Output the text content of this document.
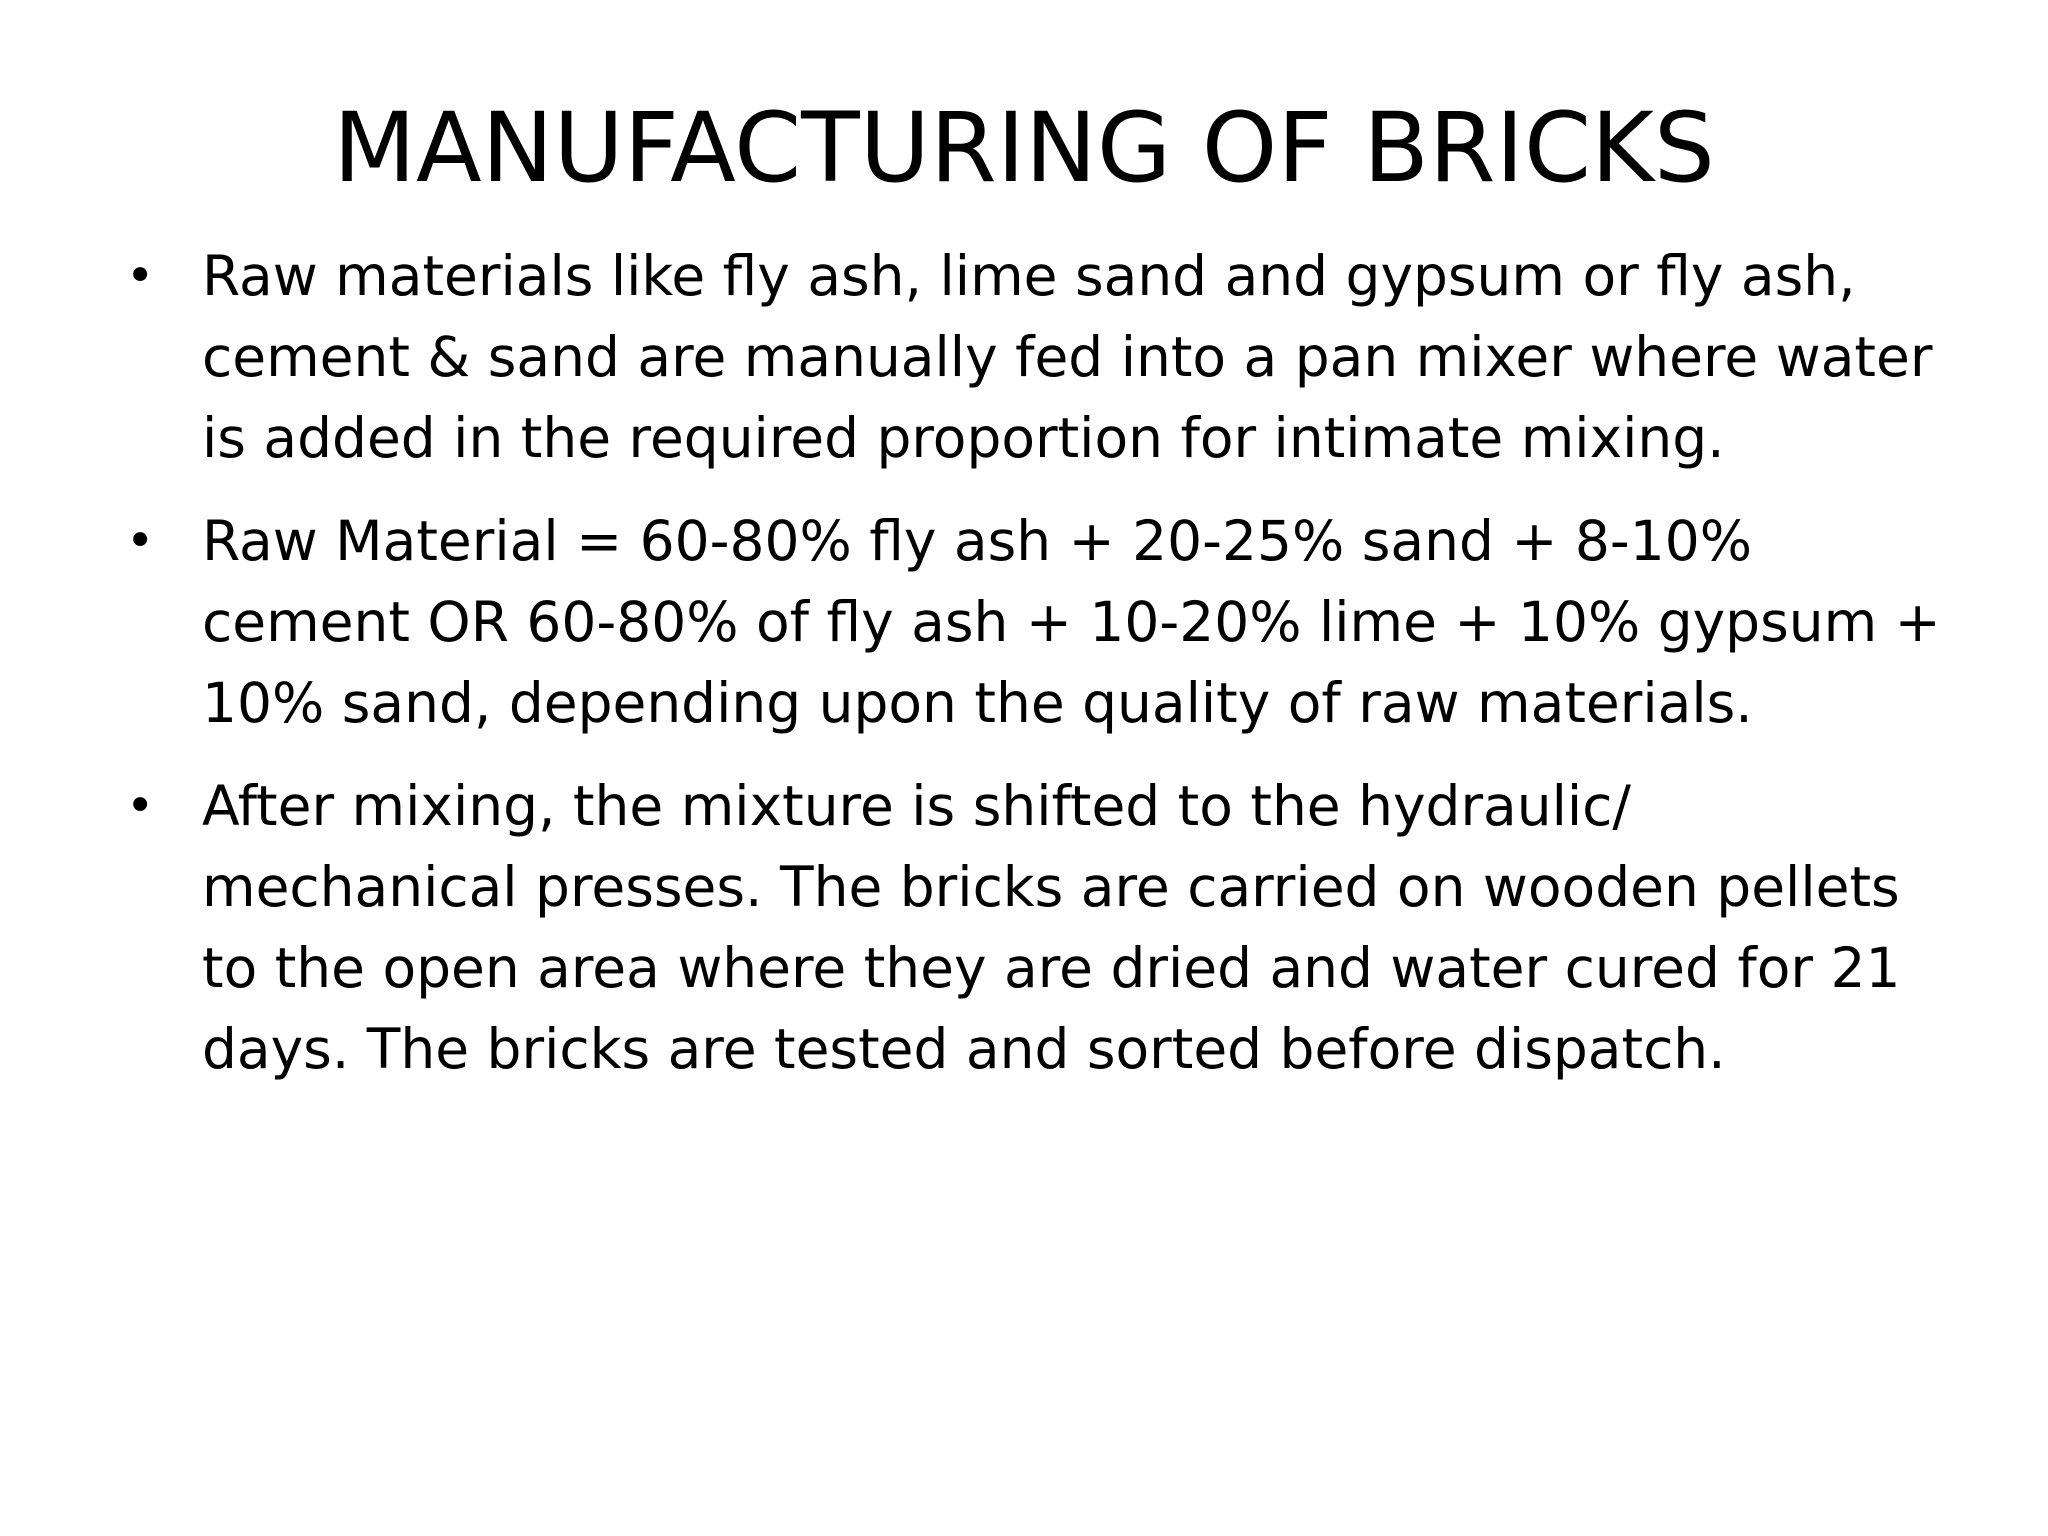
MANUFACTURING OF BRICKS
• Raw materials like fly ash, lime sand and gypsum or fly ash, cement & sand are manually fed into a pan mixer where water is added in the required proportion for intimate mixing.
• Raw Material = 60-80% fly ash + 20-25% sand + 8-10% cement OR 60-80% of fly ash + 10-20% lime + 10% gypsum + 10% sand, depending upon the quality of raw materials.
• After mixing, the mixture is shifted to the hydraulic/ mechanical presses. The bricks are carried on wooden pellets to the open area where they are dried and water cured for 21 days. The bricks are tested and sorted before dispatch.
